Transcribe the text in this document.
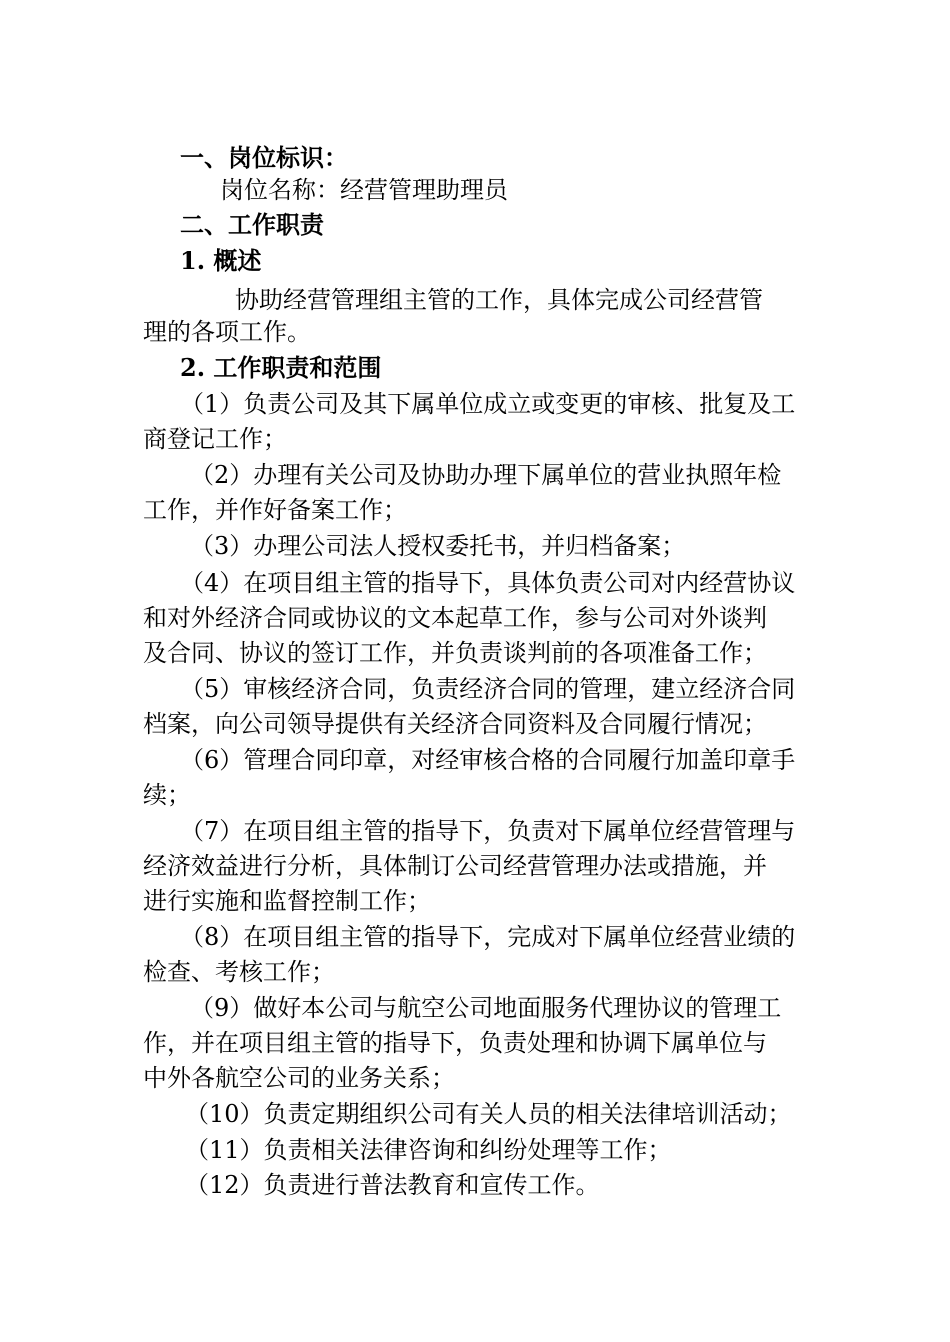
一、岗位标识：
岗位名称：经营管理助理员
二、工作职责
1. 概述
协助经营管理组主管的工作，具体完成公司经营管
理的各项工作。
2. 工作职责和范围
（1）负责公司及其下属单位成立或变更的审核、批复及工
商登记工作；
（2）办理有关公司及协助办理下属单位的营业执照年检
工作，并作好备案工作；
（3）办理公司法人授权委托书，并归档备案；
（4）在项目组主管的指导下，具体负责公司对内经营协议
和对外经济合同或协议的文本起草工作，参与公司对外谈判
及合同、协议的签订工作，并负责谈判前的各项准备工作；
（5）审核经济合同，负责经济合同的管理，建立经济合同
档案，向公司领导提供有关经济合同资料及合同履行情况；
（6）管理合同印章，对经审核合格的合同履行加盖印章手
续；
（7）在项目组主管的指导下，负责对下属单位经营管理与
经济效益进行分析，具体制订公司经营管理办法或措施，并
进行实施和监督控制工作；
（8）在项目组主管的指导下，完成对下属单位经营业绩的
检查、考核工作；
（9）做好本公司与航空公司地面服务代理协议的管理工
作，并在项目组主管的指导下，负责处理和协调下属单位与
中外各航空公司的业务关系；
（10）负责定期组织公司有关人员的相关法律培训活动；
（11）负责相关法律咨询和纠纷处理等工作；
（12）负责进行普法教育和宣传工作。
